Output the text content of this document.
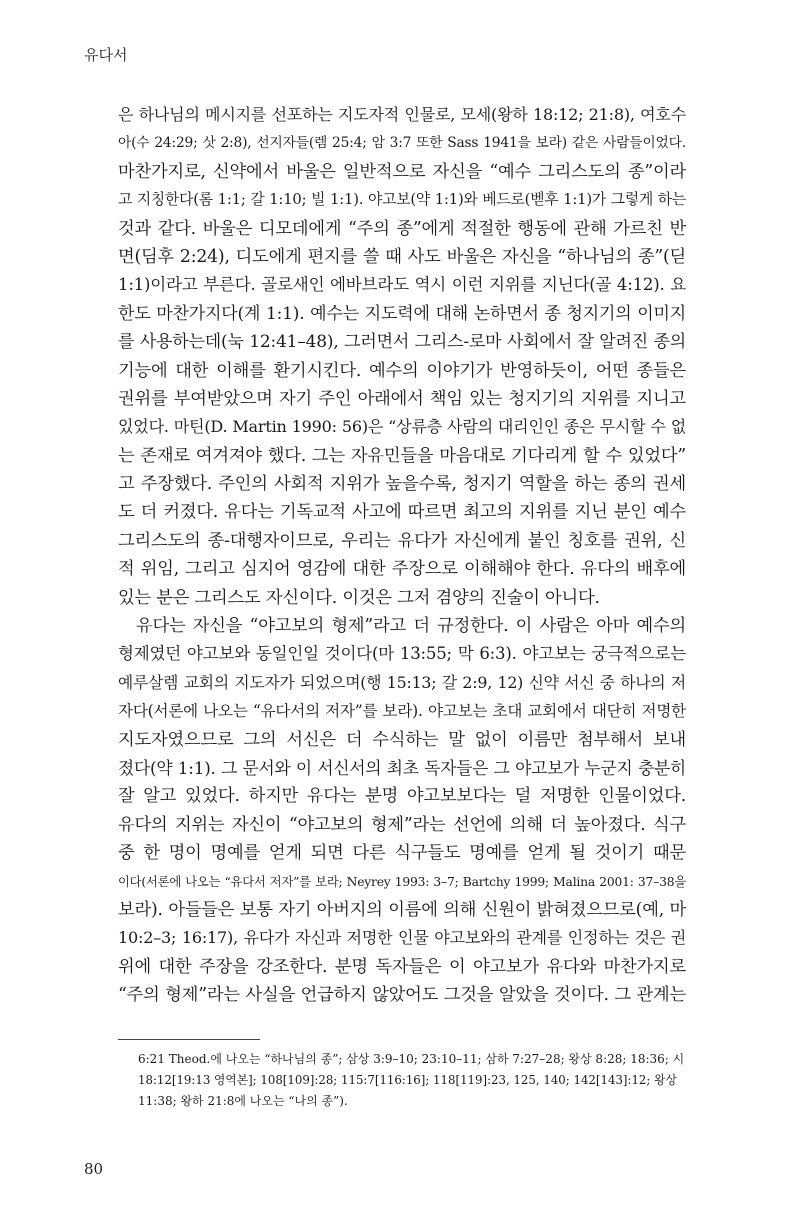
유다서
은 하나님의 메시지를 선포하는 지도자적 인물로, 모세(왕하 18:12; 21:8), 여호수
아(수 24:29; 삿 2:8), 선지자들(렘 25:4; 암 3:7 또한 Sass 1941을 보라) 같은 사람들이었다.
마찬가지로, 신약에서 바울은 일반적으로 자신을 “예수 그리스도의 종”이라
고 지칭한다(롬 1:1; 갈 1:10; 빌 1:1). 야고보(약 1:1)와 베드로(벧후 1:1)가 그렇게 하는
것과 같다. 바울은 디모데에게 “주의 종”에게 적절한 행동에 관해 가르친 반
면(딤후 2:24), 디도에게 편지를 쓸 때 사도 바울은 자신을 “하나님의 종”(딛
1:1)이라고 부른다. 골로새인 에바브라도 역시 이런 지위를 지닌다(골 4:12). 요
한도 마찬가지다(계 1:1). 예수는 지도력에 대해 논하면서 종 청지기의 이미지
를 사용하는데(눅 12:41–48), 그러면서 그리스-로마 사회에서 잘 알려진 종의
기능에 대한 이해를 환기시킨다. 예수의 이야기가 반영하듯이, 어떤 종들은
권위를 부여받았으며 자기 주인 아래에서 책임 있는 청지기의 지위를 지니고
있었다. 마틴(D. Martin 1990: 56)은 “상류층 사람의 대리인인 종은 무시할 수 없
는 존재로 여겨져야 했다. 그는 자유민들을 마음대로 기다리게 할 수 있었다”
고 주장했다. 주인의 사회적 지위가 높을수록, 청지기 역할을 하는 종의 권세
도 더 커졌다. 유다는 기독교적 사고에 따르면 최고의 지위를 지닌 분인 예수
그리스도의 종-대행자이므로, 우리는 유다가 자신에게 붙인 칭호를 권위, 신
적 위임, 그리고 심지어 영감에 대한 주장으로 이해해야 한다. 유다의 배후에
있는 분은 그리스도 자신이다. 이것은 그저 겸양의 진술이 아니다.
유다는 자신을 “야고보의 형제”라고 더 규정한다. 이 사람은 아마 예수의
형제였던 야고보와 동일인일 것이다(마 13:55; 막 6:3). 야고보는 궁극적으로는
예루살렘 교회의 지도자가 되었으며(행 15:13; 갈 2:9, 12) 신약 서신 중 하나의 저
자다(서론에 나오는 “유다서의 저자”를 보라). 야고보는 초대 교회에서 대단히 저명한
지도자였으므로 그의 서신은 더 수식하는 말 없이 이름만 첨부해서 보내
졌다(약 1:1). 그 문서와 이 서신서의 최초 독자들은 그 야고보가 누군지 충분히
잘 알고 있었다. 하지만 유다는 분명 야고보보다는 덜 저명한 인물이었다.
유다의 지위는 자신이 “야고보의 형제”라는 선언에 의해 더 높아졌다. 식구
중 한 명이 명예를 얻게 되면 다른 식구들도 명예를 얻게 될 것이기 때문
이다(서론에 나오는 “유다서 저자”를 보라; Neyrey 1993: 3–7; Bartchy 1999; Malina 2001: 37–38을
보라). 아들들은 보통 자기 아버지의 이름에 의해 신원이 밝혀졌으므로(예, 마
10:2–3; 16:17), 유다가 자신과 저명한 인물 야고보와의 관계를 인정하는 것은 권
위에 대한 주장을 강조한다. 분명 독자들은 이 야고보가 유다와 마찬가지로
“주의 형제”라는 사실을 언급하지 않았어도 그것을 알았을 것이다. 그 관계는
6:21 Theod.에 나오는 “하나님의 종”; 삼상 3:9–10; 23:10–11; 삼하 7:27–28; 왕상 8:28; 18:36; 시
18:12[19:13 영역본]; 108[109]:28; 115:7[116:16]; 118[119]:23, 125, 140; 142[143]:12; 왕상
11:38; 왕하 21:8에 나오는 “나의 종”).
80
